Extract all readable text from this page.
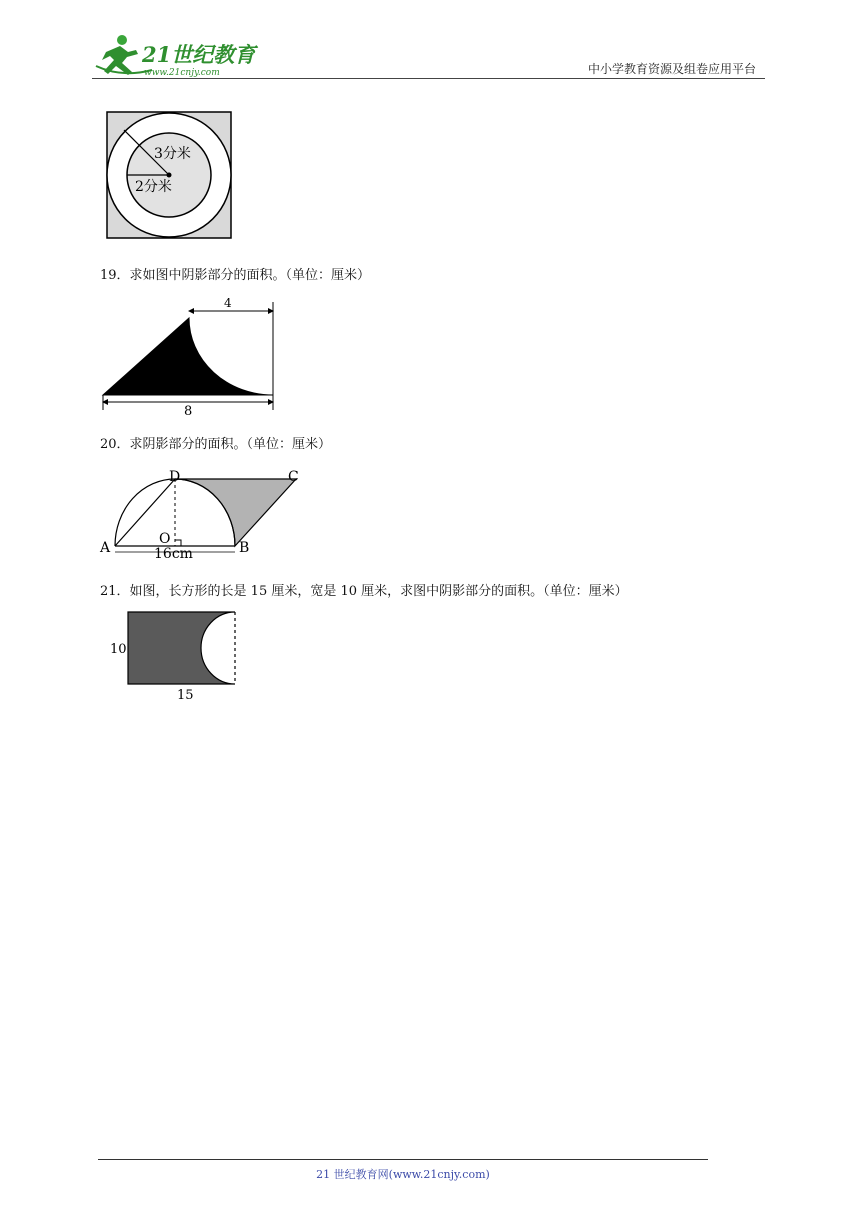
21世纪教育
www.21cnjy.com	中小学教育资源及组卷应用平台
3分米
2分米
19．求如图中阴影部分的面积。（单位：厘米）
4
8
20．求阴影部分的面积。（单位：厘米）
A	B
C
D
O
16cm
21．如图，长方形的长是 15 厘米，宽是 10 厘米，求图中阴影部分的面积。（单位：厘米）
10
15
21 世纪教育网(www.21cnjy.com)
